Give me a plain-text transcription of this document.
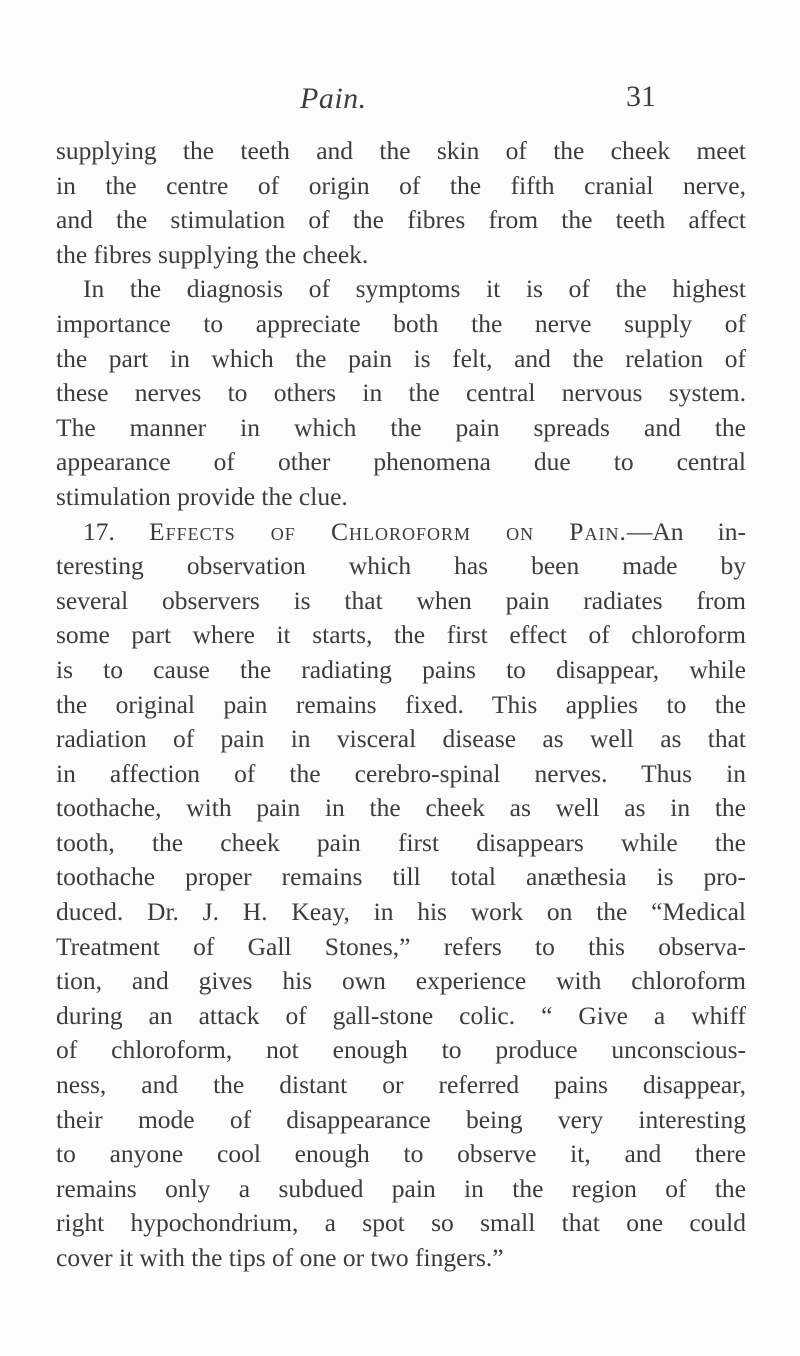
Pain.	31
supplying the teeth and the skin of the cheek meet
in the centre of origin of the fifth cranial nerve,
and the stimulation of the fibres from the teeth affect
the fibres supplying the cheek.
In the diagnosis of symptoms it is of the highest
importance to appreciate both the nerve supply of
the part in which the pain is felt, and the relation of
these nerves to others in the central nervous system.
The manner in which the pain spreads and the
appearance of other phenomena due to central
stimulation provide the clue.
17. Effects of Chloroform on Pain.—An in-
teresting observation which has been made by
several observers is that when pain radiates from
some part where it starts, the first effect of chloroform
is to cause the radiating pains to disappear, while
the original pain remains fixed. This applies to the
radiation of pain in visceral disease as well as that
in affection of the cerebro-spinal nerves. Thus in
toothache, with pain in the cheek as well as in the
tooth, the cheek pain first disappears while the
toothache proper remains till total anæthesia is pro-
duced. Dr. J. H. Keay, in his work on the “Medical
Treatment of Gall Stones,” refers to this observa-
tion, and gives his own experience with chloroform
during an attack of gall-stone colic. “ Give a whiff
of chloroform, not enough to produce unconscious-
ness, and the distant or referred pains disappear,
their mode of disappearance being very interesting
to anyone cool enough to observe it, and there
remains only a subdued pain in the region of the
right hypochondrium, a spot so small that one could
cover it with the tips of one or two fingers.”
